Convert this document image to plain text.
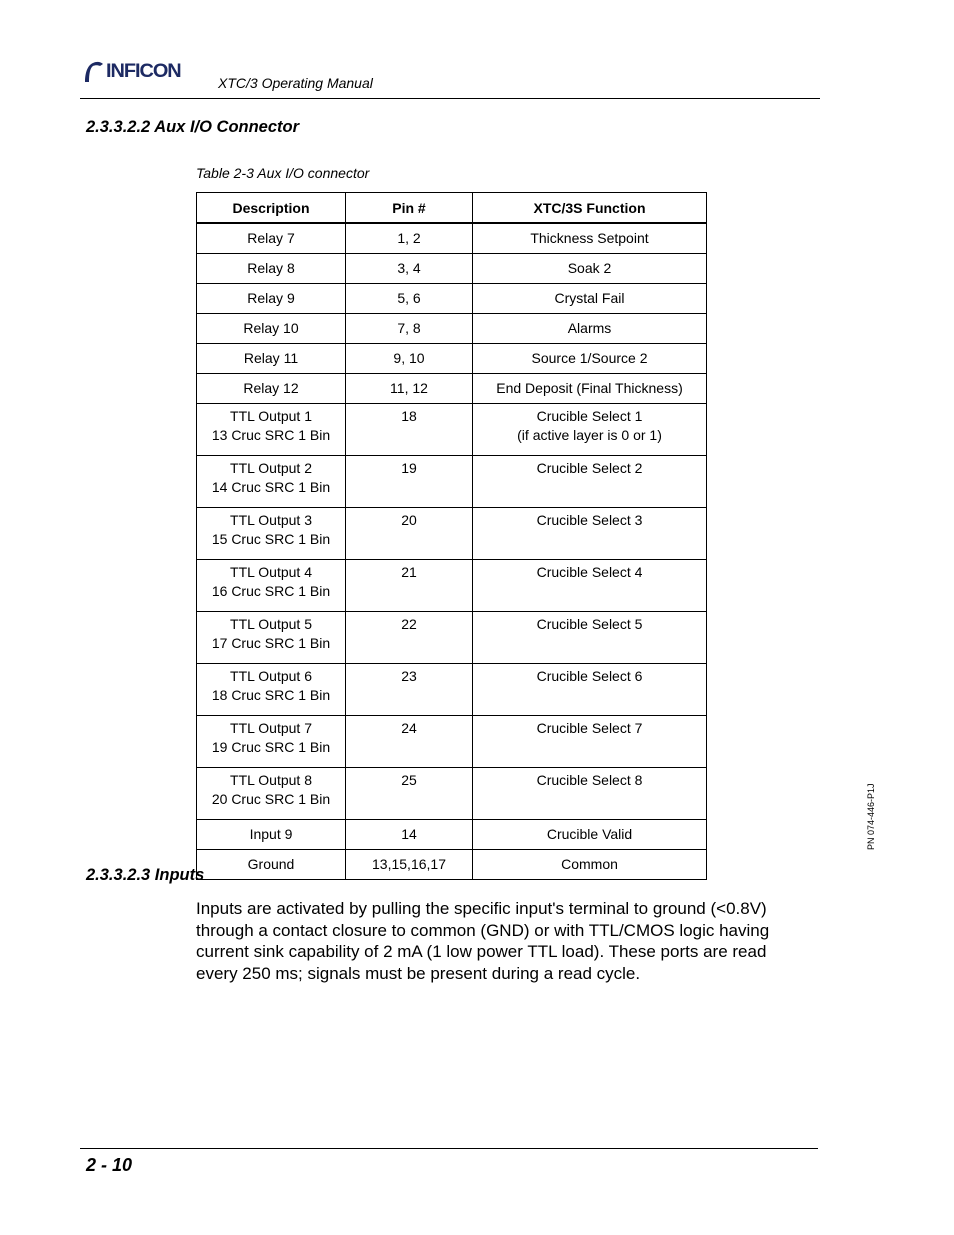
INFICON
XTC/3 Operating Manual
2.3.3.2.2 Aux I/O Connector
Table 2-3 Aux I/O connector
Description	Pin #	XTC/3S Function

Relay 7	1, 2	Thickness Setpoint

Relay 8	3, 4	Soak 2

Relay 9	5, 6	Crystal Fail

Relay 10	7, 8	Alarms

Relay 11	9, 10	Source 1/Source 2

Relay 12	11, 12	End Deposit (Final Thickness)

TTL Output 1
13 Cruc SRC 1 Bin	18	Crucible Select 1
(if active layer is 0 or 1)

TTL Output 2
14 Cruc SRC 1 Bin	19	Crucible Select 2

TTL Output 3
15 Cruc SRC 1 Bin	20	Crucible Select 3

TTL Output 4
16 Cruc SRC 1 Bin	21	Crucible Select 4

TTL Output 5
17 Cruc SRC 1 Bin	22	Crucible Select 5

TTL Output 6
18 Cruc SRC 1 Bin	23	Crucible Select 6

TTL Output 7
19 Cruc SRC 1 Bin	24	Crucible Select 7

TTL Output 8
20 Cruc SRC 1 Bin	25	Crucible Select 8

Input 9	14	Crucible Valid

Ground	13,15,16,17	Common
2.3.3.2.3 Inputs
Inputs are activated by pulling the specific input's terminal to ground (<0.8V) through a contact closure to common (GND) or with TTL/CMOS logic having current sink capability of 2 mA (1 low power TTL load). These ports are read every 250 ms; signals must be present during a read cycle.
PN 074-446-P1J
2 - 10
